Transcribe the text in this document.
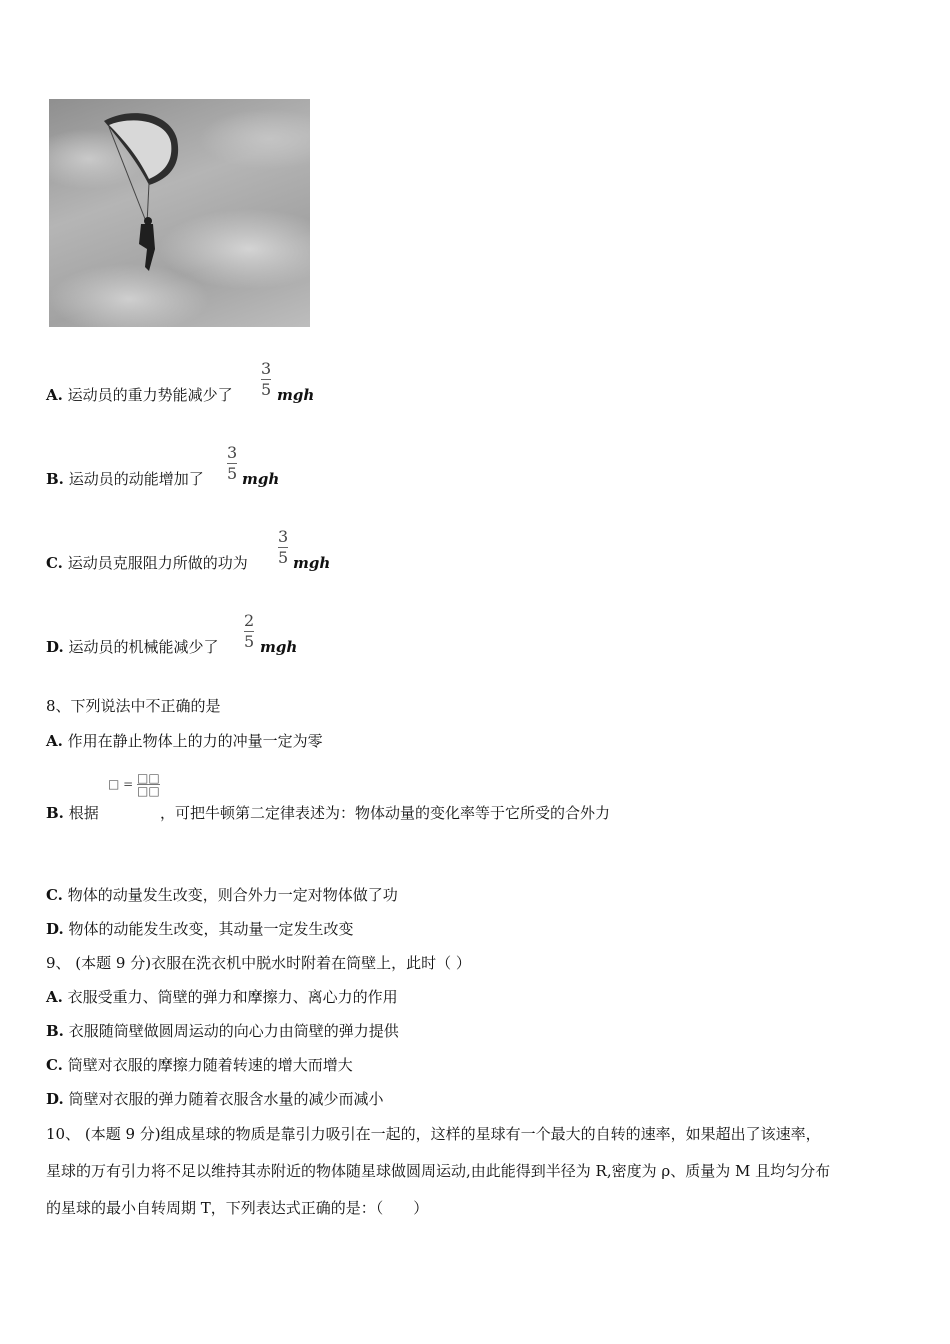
A. 运动员的重力势能减少了
3
5 mgh
B. 运动员的动能增加了
3
5 mgh
C. 运动员克服阻力所做的功为
3
5 mgh
D. 运动员的机械能减少了
2
5 mgh
8、下列说法中不正确的是
A. 作用在静止物体上的力的冲量一定为零
□ = □□
□□
B. 根据	，可把牛顿第二定律表述为：物体动量的变化率等于它所受的合外力
C. 物体的动量发生改变，则合外力一定对物体做了功
D. 物体的动能发生改变，其动量一定发生改变
9、 (本题 9 分)衣服在洗衣机中脱水时附着在筒壁上，此时（ ）
A. 衣服受重力、筒壁的弹力和摩擦力、离心力的作用
B. 衣服随筒壁做圆周运动的向心力由筒壁的弹力提供
C. 筒壁对衣服的摩擦力随着转速的增大而增大
D. 筒壁对衣服的弹力随着衣服含水量的减少而减小
10、 (本题 9 分)组成星球的物质是靠引力吸引在一起的，这样的星球有一个最大的自转的速率，如果超出了该速率，
星球的万有引力将不足以维持其赤附近的物体随星球做圆周运动,由此能得到半径为 R,密度为 ρ、质量为 M 且均匀分布
的星球的最小自转周期 T，下列表达式正确的是：（　　）
